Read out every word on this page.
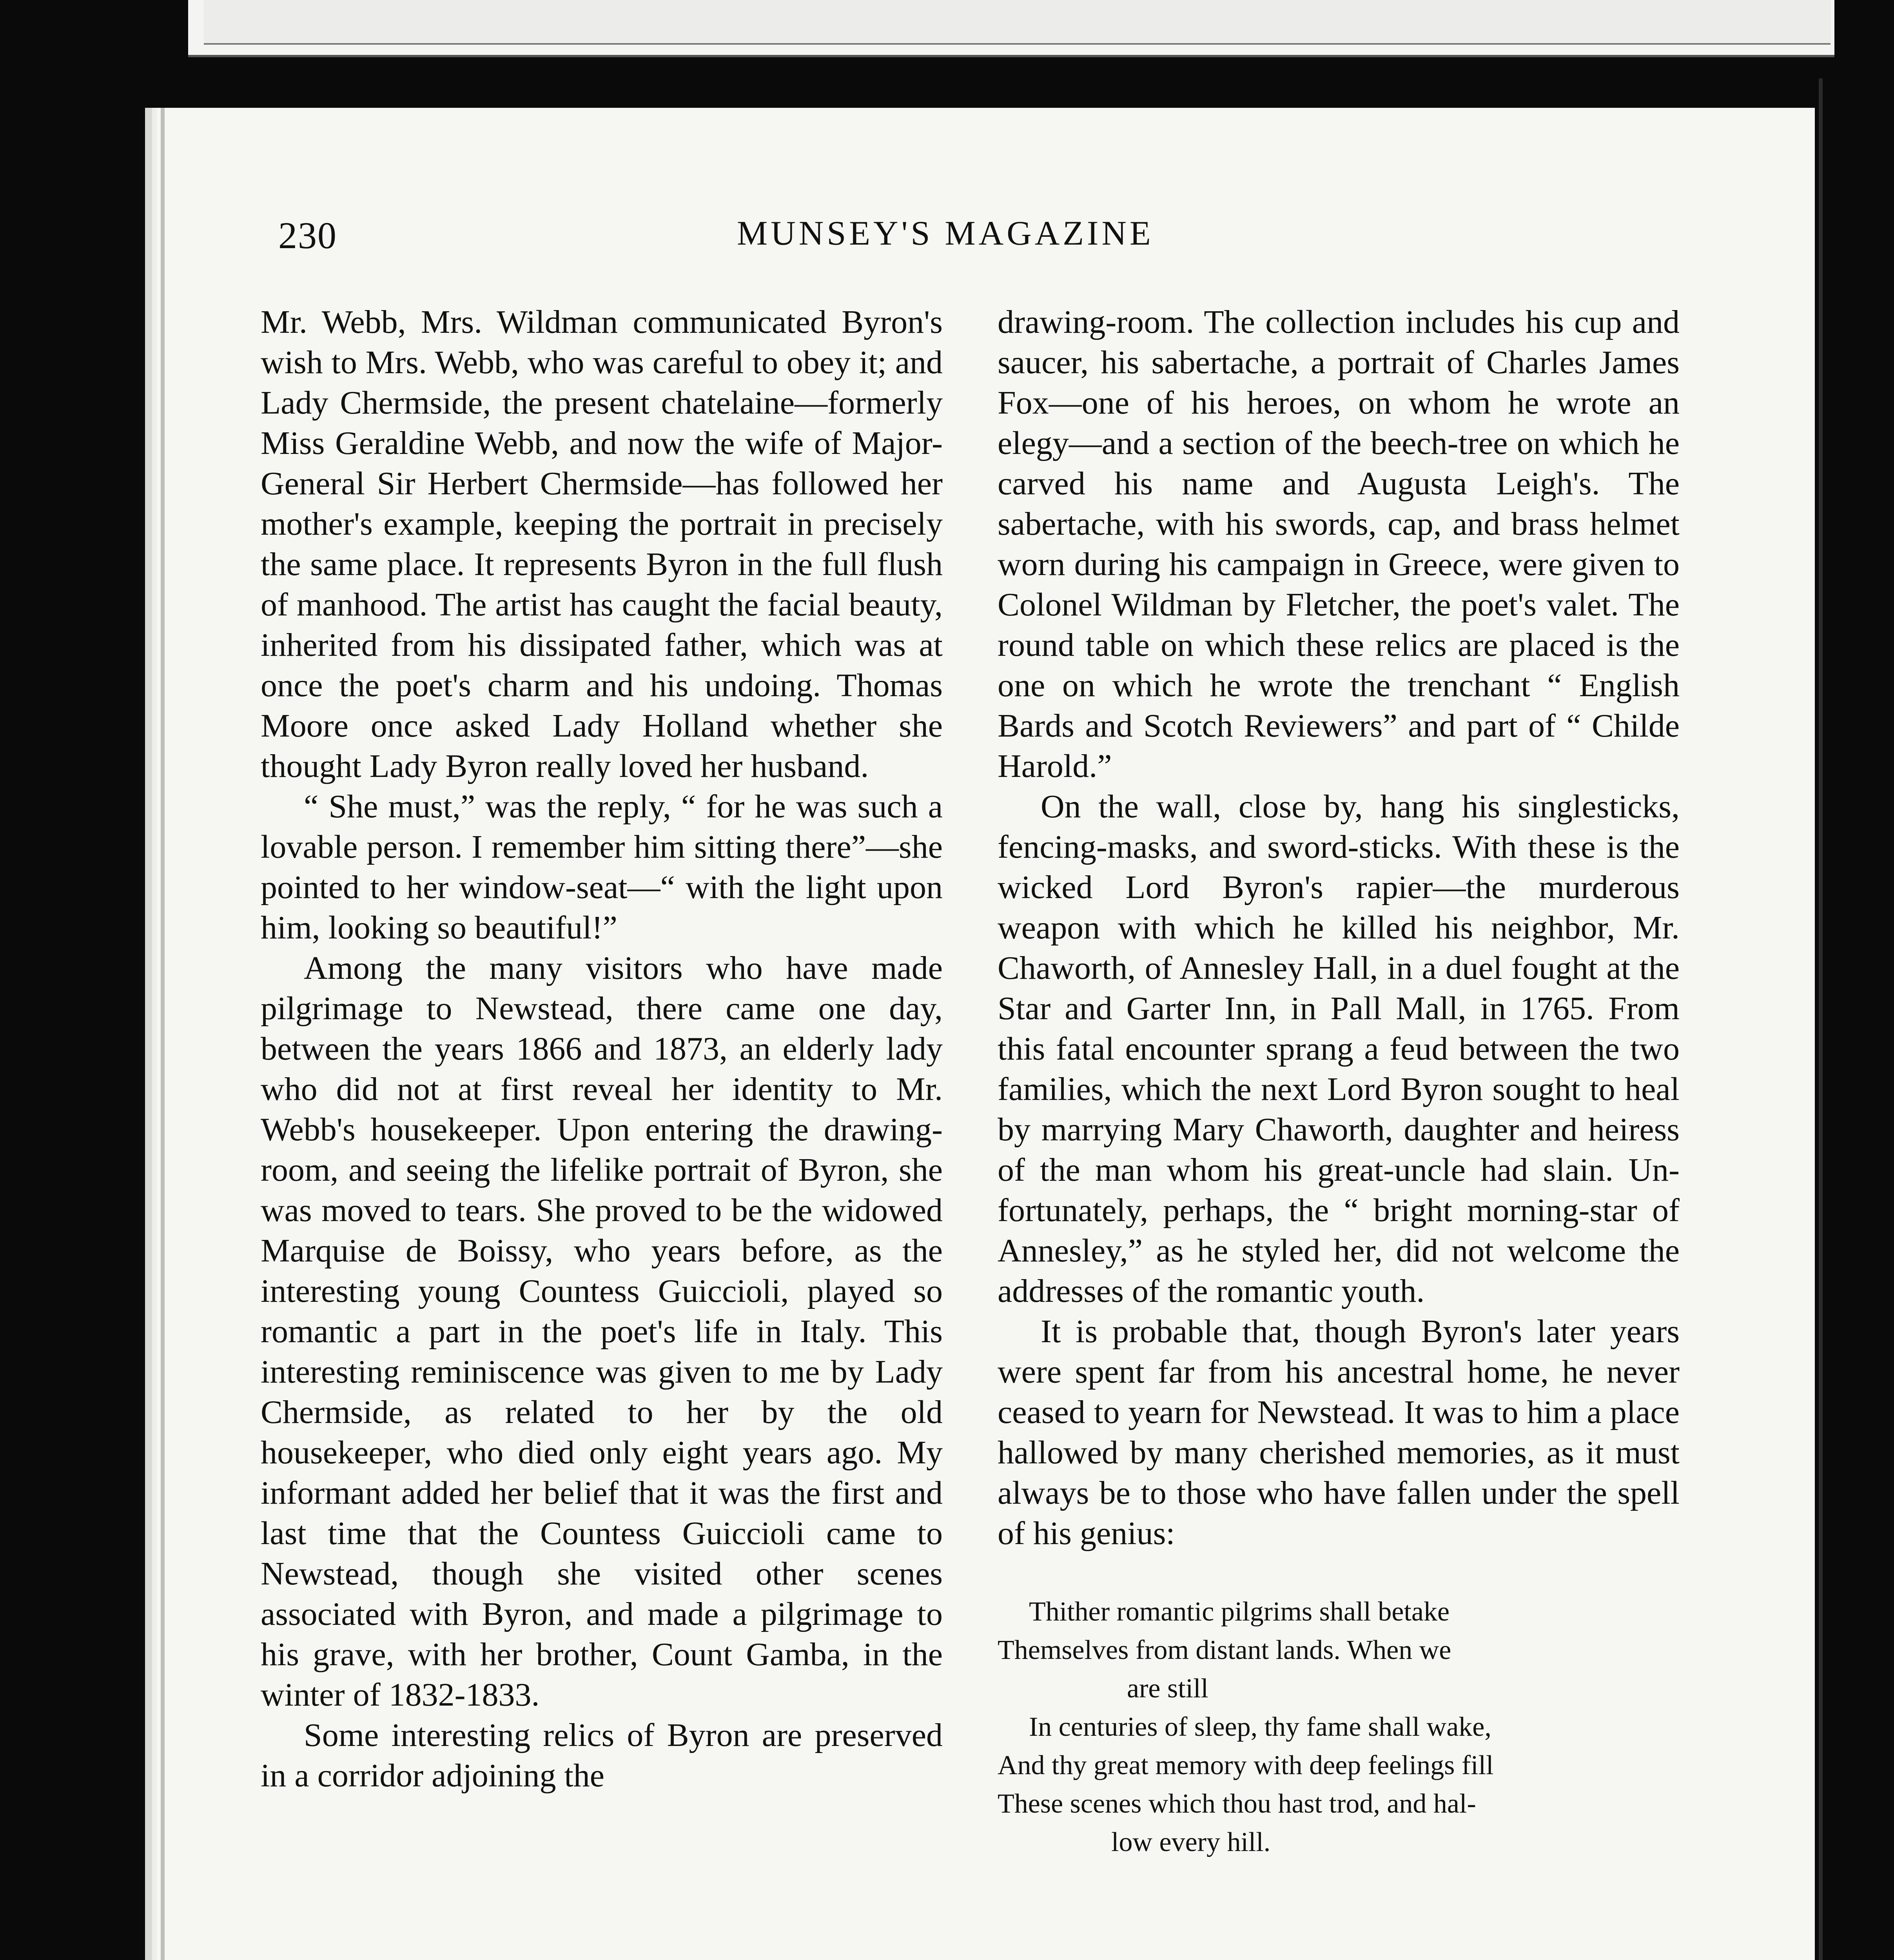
230	MUNSEY'S MAGAZINE

Mr. Webb, Mrs. Wildman communicated Byron's wish to Mrs. Webb, who was careful to obey it; and Lady Chermside, the present chatelaine—formerly Miss Geraldine Webb, and now the wife of Major-General Sir Herbert Chermside—has followed her mother's example, keeping the portrait in precisely the same place. It represents Byron in the full flush of manhood. The artist has caught the facial beauty, inherited from his dissipated father, which was at once the poet's charm and his undoing. Thomas Moore once asked Lady Holland whether she thought Lady Byron really loved her husband.

“ She must,” was the reply, “ for he was such a lovable person. I remember him sitting there”—she pointed to her window-seat—“ with the light upon him, looking so beautiful!”

Among the many visitors who have made pilgrimage to Newstead, there came one day, between the years 1866 and 1873, an elderly lady who did not at first reveal her identity to Mr. Webb's housekeeper. Upon entering the drawing-room, and seeing the lifelike portrait of Byron, she was moved to tears. She proved to be the widowed Marquise de Boissy, who years before, as the interesting young Countess Guiccioli, played so romantic a part in the poet's life in Italy. This interesting reminiscence was given to me by Lady Chermside, as related to her by the old housekeeper, who died only eight years ago. My informant added her belief that it was the first and last time that the Countess Guiccioli came to Newstead, though she visited other scenes associated with Byron, and made a pilgrimage to his grave, with her brother, Count Gamba, in the winter of 1832-1833.

Some interesting relics of Byron are preserved in a corridor adjoining the

drawing-room. The collection includes his cup and saucer, his sabertache, a portrait of Charles James Fox—one of his heroes, on whom he wrote an elegy—and a section of the beech-tree on which he carved his name and Augusta Leigh's. The sabertache, with his swords, cap, and brass helmet worn during his campaign in Greece, were given to Colonel Wildman by Fletcher, the poet's valet. The round table on which these relics are placed is the one on which he wrote the trenchant “ English Bards and Scotch Reviewers” and part of “ Childe Harold.”

On the wall, close by, hang his singlesticks, fencing-masks, and sword-sticks. With these is the wicked Lord Byron's rapier—the murderous weapon with which he killed his neighbor, Mr. Chaworth, of Annesley Hall, in a duel fought at the Star and Garter Inn, in Pall Mall, in 1765. From this fatal encounter sprang a feud between the two families, which the next Lord Byron sought to heal by marrying Mary Chaworth, daughter and heiress of the man whom his great-uncle had slain. Unfortunately, perhaps, the “ bright morning-star of Annesley,” as he styled her, did not welcome the addresses of the romantic youth.

It is probable that, though Byron's later years were spent far from his ancestral home, he never ceased to yearn for Newstead. It was to him a place hallowed by many cherished memories, as it must always be to those who have fallen under the spell of his genius:

Thither romantic pilgrims shall betake
Themselves from distant lands. When we
are still
In centuries of sleep, thy fame shall wake,
And thy great memory with deep feelings fill
These scenes which thou hast trod, and hal-
low every hill.
